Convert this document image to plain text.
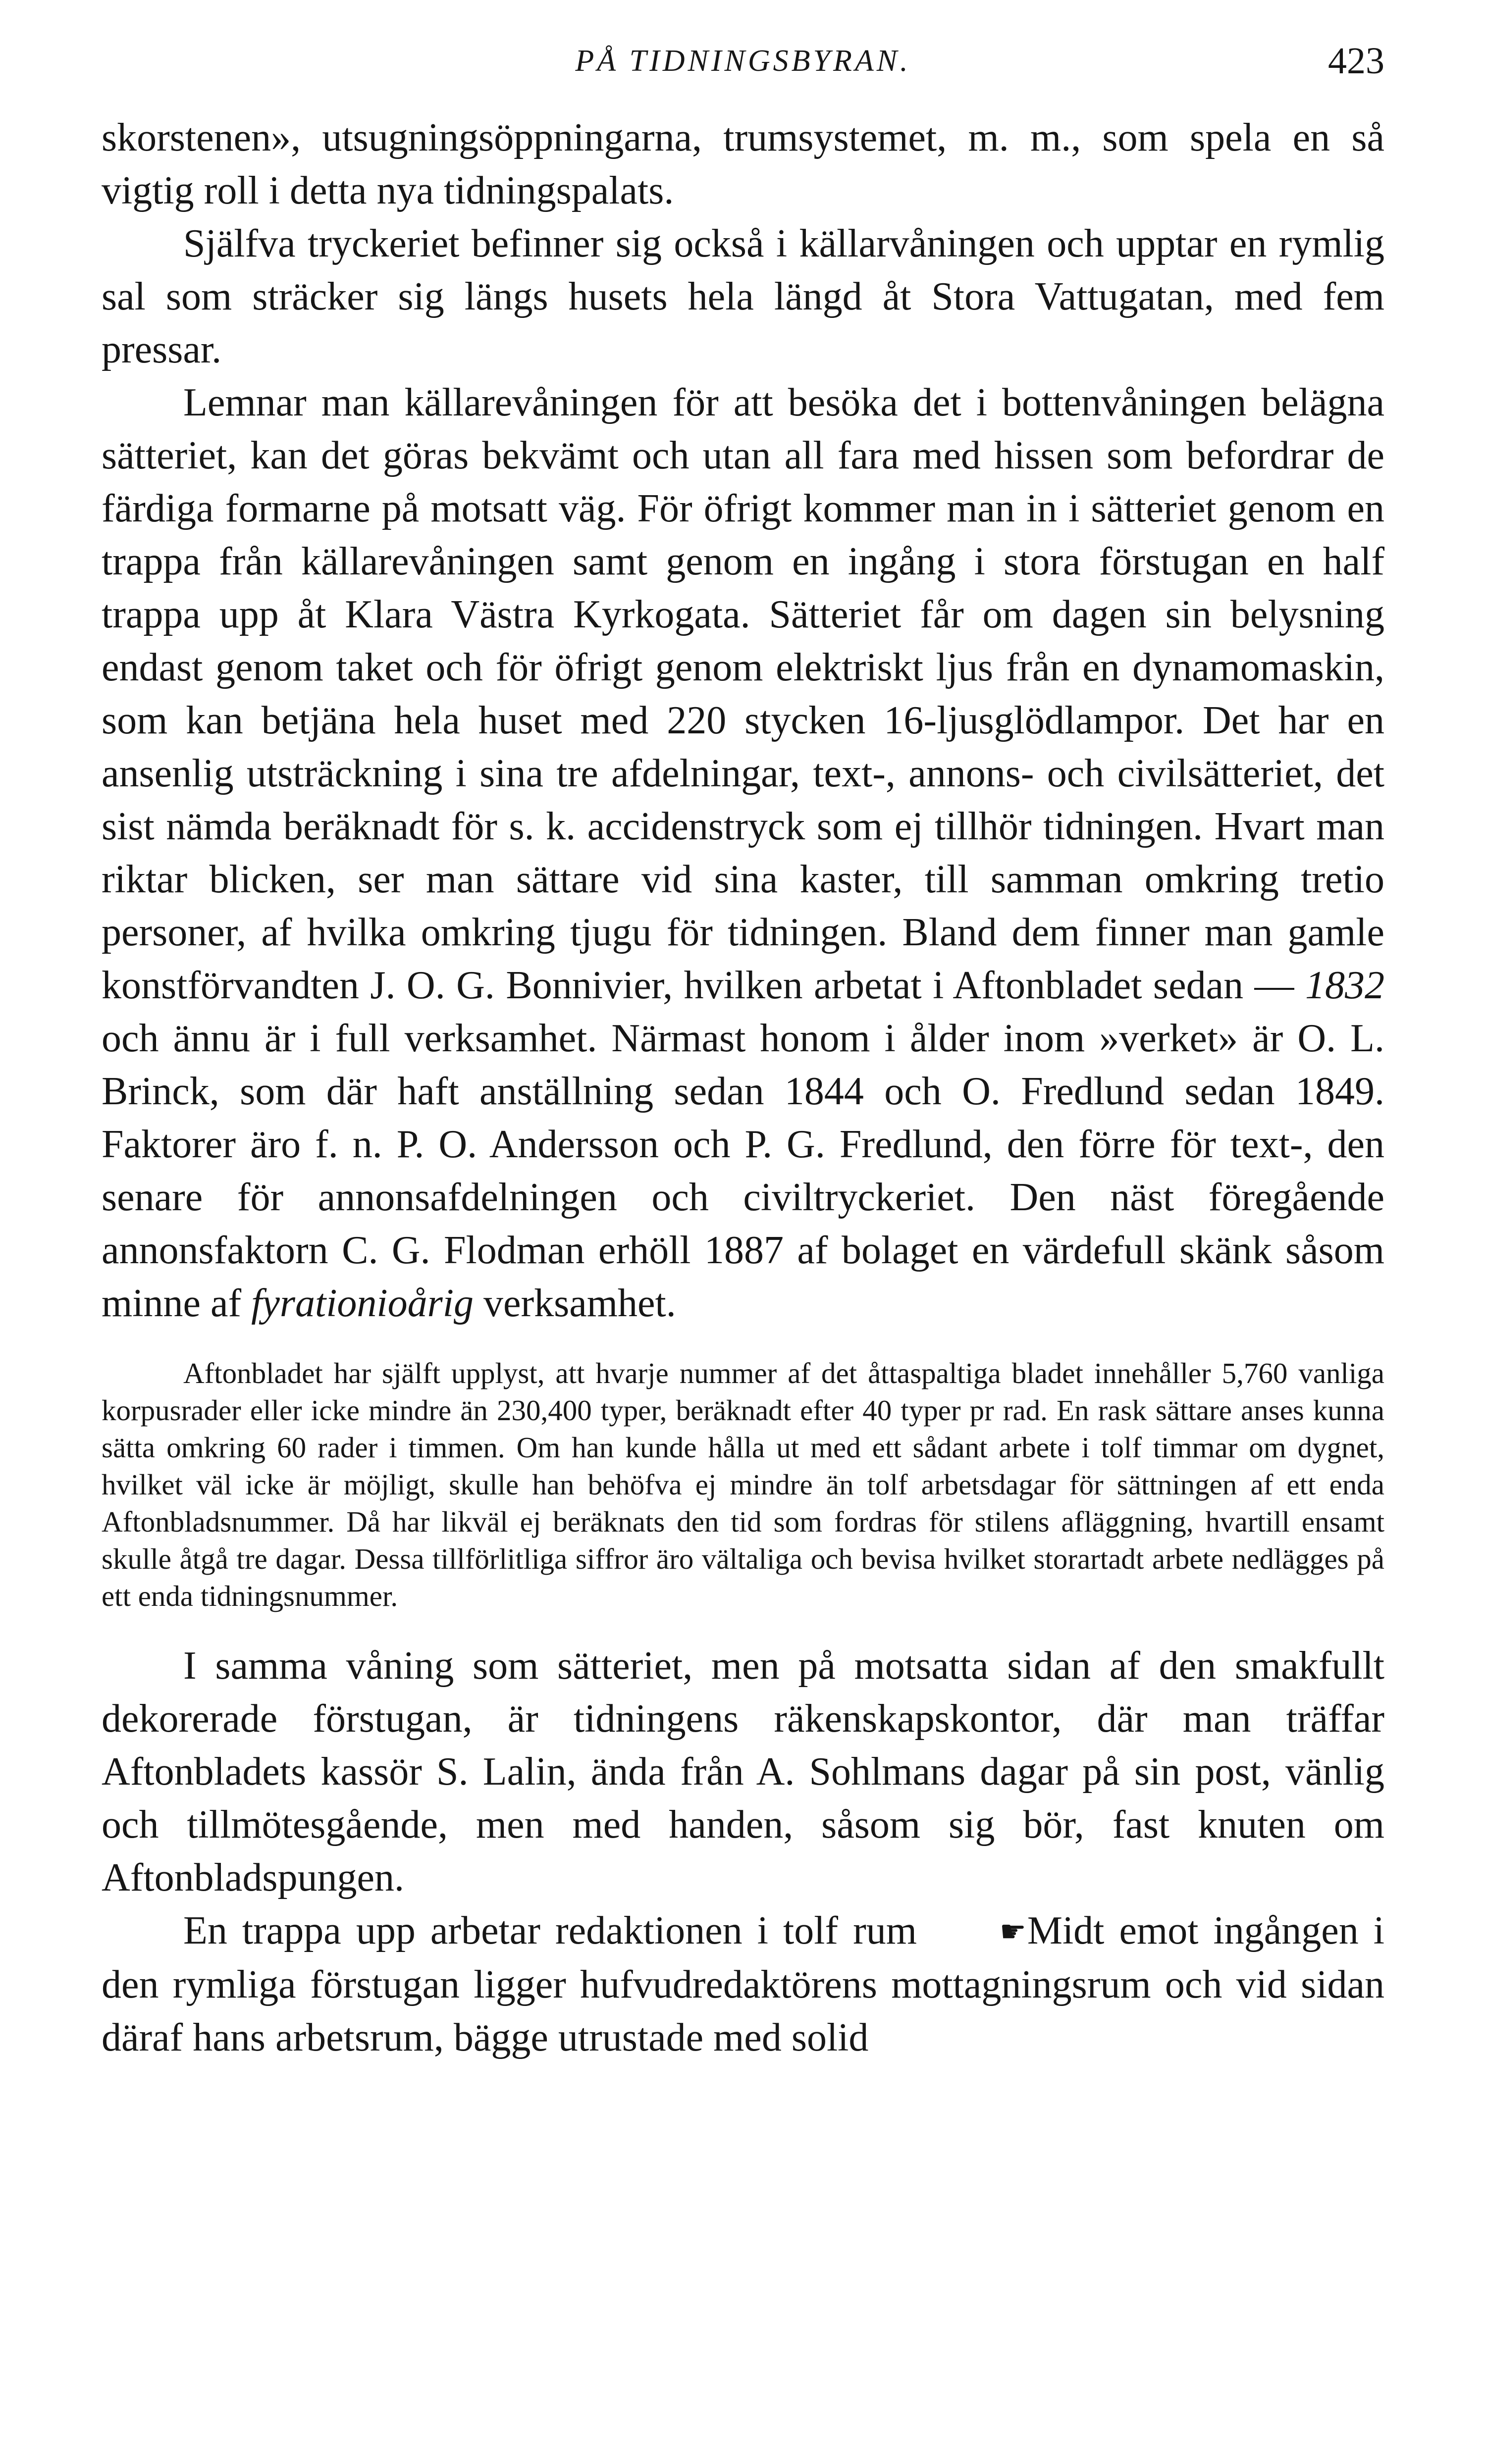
PÅ TIDNINGSBYRAN.	423

skorstenen», utsugningsöppningarna, trumsystemet, m. m., som spela en så vigtig roll i detta nya tidningspalats.

Själfva tryckeriet befinner sig också i källarvåningen och upptar en rymlig sal som sträcker sig längs husets hela längd åt Stora Vattugatan, med fem pressar.

Lemnar man källarevåningen för att besöka det i bottenvåningen belägna sätteriet, kan det göras bekvämt och utan all fara med hissen som befordrar de färdiga formarne på motsatt väg. För öfrigt kommer man in i sätteriet genom en trappa från källarevåningen samt genom en ingång i stora förstugan en half trappa upp åt Klara Västra Kyrkogata. Sätteriet får om dagen sin belysning endast genom taket och för öfrigt genom elektriskt ljus från en dynamomaskin, som kan betjäna hela huset med 220 stycken 16-ljusglödlampor. Det har en ansenlig utsträckning i sina tre afdelningar, text-, annons- och civilsätteriet, det sist nämda beräknadt för s. k. accidenstryck som ej tillhör tidningen. Hvart man riktar blicken, ser man sättare vid sina kaster, till samman omkring tretio personer, af hvilka omkring tjugu för tidningen. Bland dem finner man gamle konstförvandten J. O. G. Bonnivier, hvilken arbetat i Aftonbladet sedan — 1832 och ännu är i full verksamhet. Närmast honom i ålder inom »verket» är O. L. Brinck, som där haft anställning sedan 1844 och O. Fredlund sedan 1849. Faktorer äro f. n. P. O. Andersson och P. G. Fredlund, den förre för text-, den senare för annonsafdelningen och civiltryckeriet. Den näst föregående annonsfaktorn C. G. Flodman erhöll 1887 af bolaget en värdefull skänk såsom minne af fyrationioårig verksamhet.

Aftonbladet har själft upplyst, att hvarje nummer af det åttaspaltiga bladet innehåller 5,760 vanliga korpusrader eller icke mindre än 230,400 typer, beräknadt efter 40 typer pr rad. En rask sättare anses kunna sätta omkring 60 rader i timmen. Om han kunde hålla ut med ett sådant arbete i tolf timmar om dygnet, hvilket väl icke är möjligt, skulle han behöfva ej mindre än tolf arbetsdagar för sättningen af ett enda Aftonbladsnummer. Då har likväl ej beräknats den tid som fordras för stilens afläggning, hvartill ensamt skulle åtgå tre dagar. Dessa tillförlitliga siffror äro vältaliga och bevisa hvilket storartadt arbete nedlägges på ett enda tidningsnummer.

I samma våning som sätteriet, men på motsatta sidan af den smakfullt dekorerade förstugan, är tidningens räkenskapskontor, där man träffar Aftonbladets kassör S. Lalin, ända från A. Sohlmans dagar på sin post, vänlig och tillmötesgående, men med handen, såsom sig bör, fast knuten om Aftonbladspungen.

En trappa upp arbetar redaktionen i tolf rum	☛Midt emot ingången i den rymliga förstugan ligger hufvudredaktörens mottagningsrum och vid sidan däraf hans arbetsrum, bägge utrustade med solid
